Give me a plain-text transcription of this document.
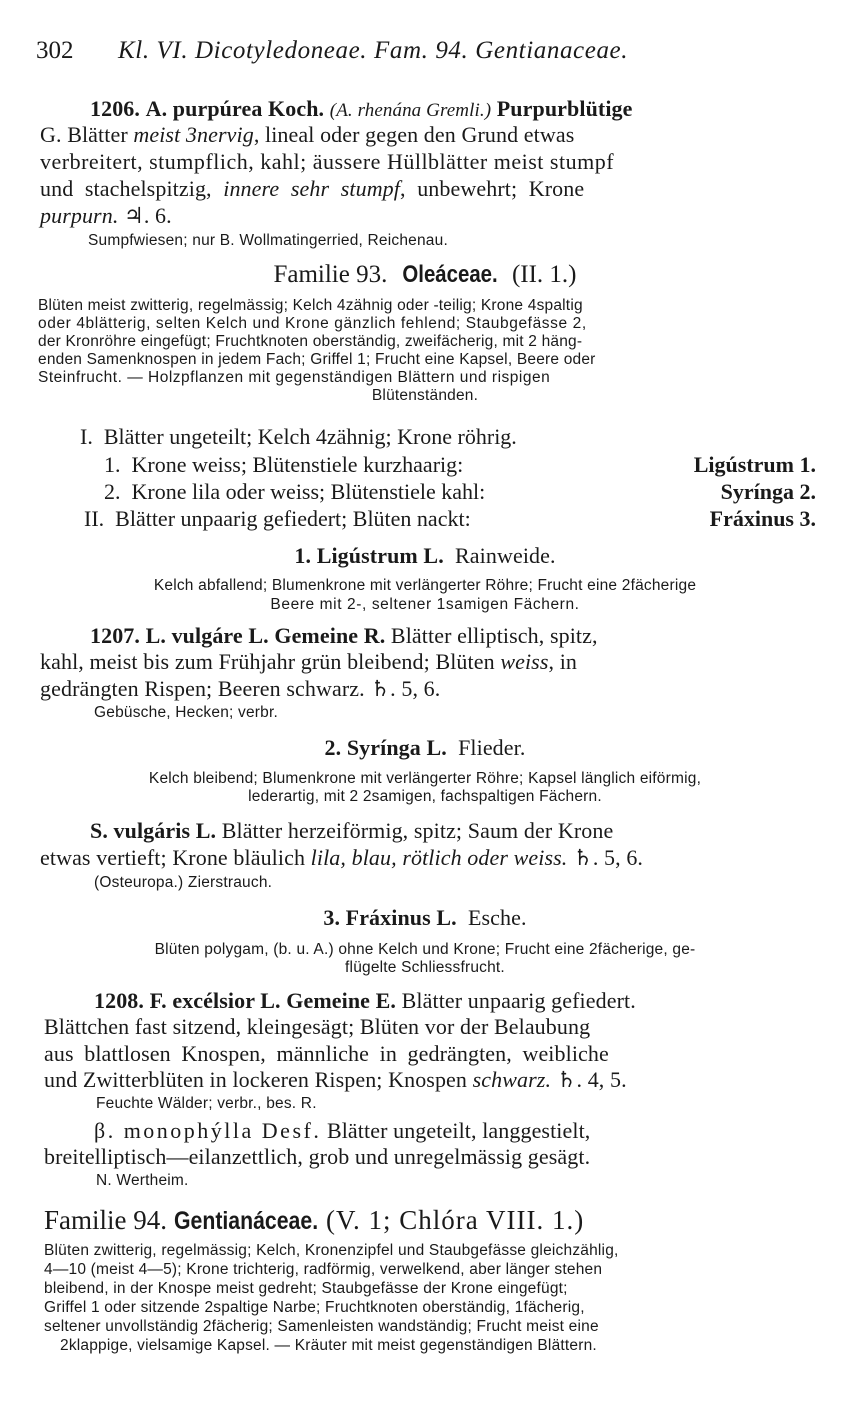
302 Kl. VI. Dicotyledoneae. Fam. 94. Gentianaceae.
1206. A. purpúrea Koch. (A. rhenána Gremli.) Purpurblütige
G. Blätter meist 3nervig, lineal oder gegen den Grund etwas
verbreitert, stumpflich, kahl; äussere Hüllblätter meist stumpf
und stachelspitzig, innere sehr stumpf, unbewehrt; Krone
purpurn. ♃. 6.
Sumpfwiesen; nur B. Wollmatingerried, Reichenau.
Familie 93. Oleáceae. (II. 1.)
Blüten meist zwitterig, regelmässig; Kelch 4zähnig oder -teilig; Krone 4spaltig
oder 4blätterig, selten Kelch und Krone gänzlich fehlend; Staubgefässe 2,
der Kronröhre eingefügt; Fruchtknoten oberständig, zweifächerig, mit 2 häng-
enden Samenknospen in jedem Fach; Griffel 1; Frucht eine Kapsel, Beere oder
Steinfrucht. — Holzpflanzen mit gegenständigen Blättern und rispigen
Blütenständen.
I. Blätter ungeteilt; Kelch 4zähnig; Krone röhrig.
1. Krone weiss; Blütenstiele kurzhaarig:	Ligústrum 1.
2. Krone lila oder weiss; Blütenstiele kahl:	Syrínga 2.
II. Blätter unpaarig gefiedert; Blüten nackt:	Fráxinus 3.
1. Ligústrum L. Rainweide.
Kelch abfallend; Blumenkrone mit verlängerter Röhre; Frucht eine 2fächerige
Beere mit 2-, seltener 1samigen Fächern.
1207. L. vulgáre L. Gemeine R. Blätter elliptisch, spitz,
kahl, meist bis zum Frühjahr grün bleibend; Blüten weiss, in
gedrängten Rispen; Beeren schwarz. ♄. 5, 6.
Gebüsche, Hecken; verbr.
2. Syrínga L. Flieder.
Kelch bleibend; Blumenkrone mit verlängerter Röhre; Kapsel länglich eiförmig,
lederartig, mit 2 2samigen, fachspaltigen Fächern.
S. vulgáris L. Blätter herzeiförmig, spitz; Saum der Krone
etwas vertieft; Krone bläulich lila, blau, rötlich oder weiss. ♄. 5, 6.
(Osteuropa.) Zierstrauch.
3. Fráxinus L. Esche.
Blüten polygam, (b. u. A.) ohne Kelch und Krone; Frucht eine 2fächerige, ge-
flügelte Schliessfrucht.
1208. F. excélsior L. Gemeine E. Blätter unpaarig gefiedert.
Blättchen fast sitzend, kleingesägt; Blüten vor der Belaubung
aus blattlosen Knospen, männliche in gedrängten, weibliche
und Zwitterblüten in lockeren Rispen; Knospen schwarz. ♄. 4, 5.
Feuchte Wälder; verbr., bes. R.
β. monophýlla Desf. Blätter ungeteilt, langgestielt,
breitelliptisch—eilanzettlich, grob und unregelmässig gesägt.
N. Wertheim.
Familie 94. Gentianáceae. (V. 1; Chlóra VIII. 1.)
Blüten zwitterig, regelmässig; Kelch, Kronenzipfel und Staubgefässe gleichzählig,
4—10 (meist 4—5); Krone trichterig, radförmig, verwelkend, aber länger stehen
bleibend, in der Knospe meist gedreht; Staubgefässe der Krone eingefügt;
Griffel 1 oder sitzende 2spaltige Narbe; Fruchtknoten oberständig, 1fächerig,
seltener unvollständig 2fächerig; Samenleisten wandständig; Frucht meist eine
2klappige, vielsamige Kapsel. — Kräuter mit meist gegenständigen Blättern.
